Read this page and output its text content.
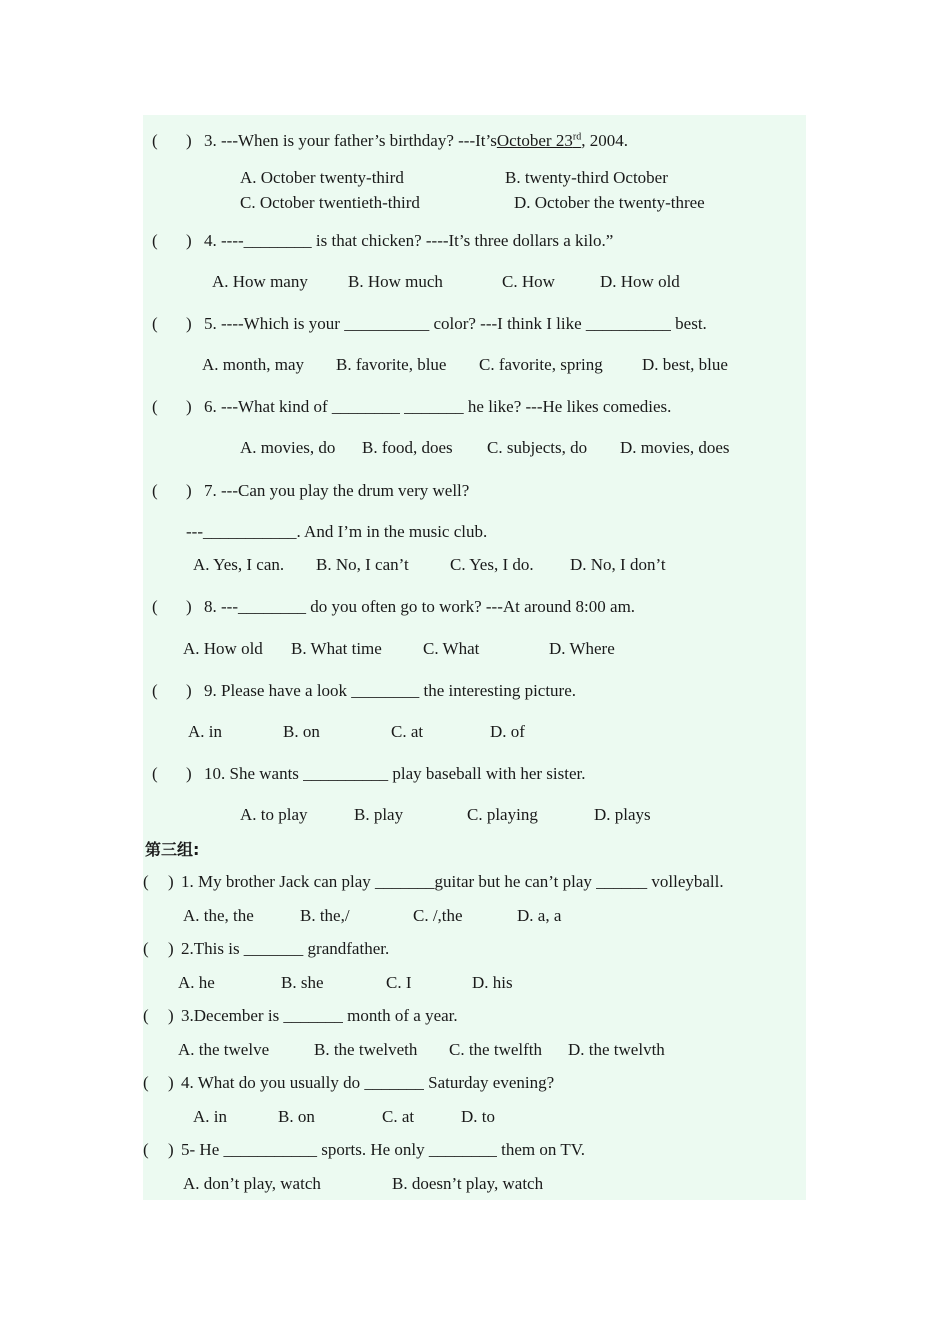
( ) 3. ---When is your father’s birthday? ---It’sOctober 23rd, 2004.
A. October twenty-third	B. twenty-third October
C. October twentieth-third	D. October the twenty-three
( ) 4. ----________ is that chicken? ----It’s three dollars a kilo.”
A. How many B. How much	C. How	D. How old
( ) 5. ----Which is your __________ color? ---I think I like __________ best.
A. month, may B. favorite, blue C. favorite, spring D. best, blue
( ) 6. ---What kind of ________ _______ he like? ---He likes comedies.
A. movies, do B. food, does C. subjects, do D. movies, does
( ) 7. ---Can you play the drum very well?
---___________. And I’m in the music club.
A. Yes, I can. B. No, I can’t C. Yes, I do. D. No, I don’t
( ) 8. ---________ do you often go to work? ---At around 8:00 am.
A. How old B. What time C. What	D. Where
( ) 9. Please have a look ________ the interesting picture.
A. in	B. on	C. at	D. of
( ) 10. She wants __________ play baseball with her sister.
A. to play	B. play	C. playing	D. plays
第三组:
( ) 1. My brother Jack can play _______guitar but he can’t play ______ volleyball.
A. the, the	B. the,/	C. /,the	D. a, a
( ) 2.This is _______ grandfather.
A. he	B. she	C. I	D. his
( ) 3.December is _______ month of a year.
A. the twelve	B. the twelveth C. the twelfth D. the twelvth
( ) 4. What do you usually do _______ Saturday evening?
A. in	B. on	C. at	D. to
( ) 5- He ___________ sports. He only ________ them on TV.
A. don’t play, watch	B. doesn’t play, watch
